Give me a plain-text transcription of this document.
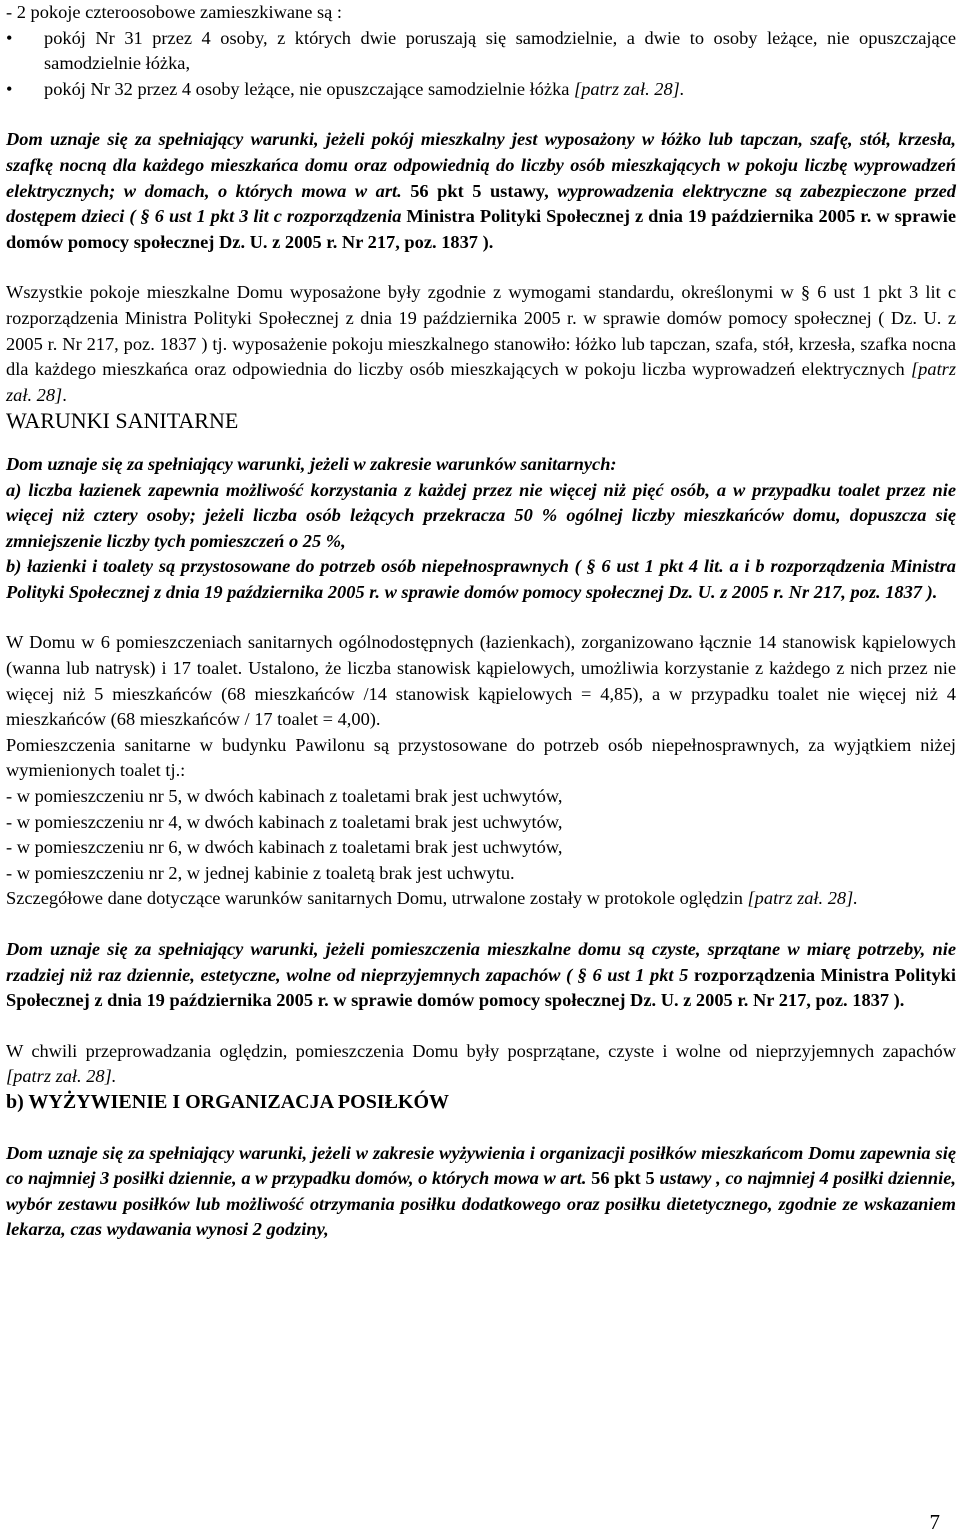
- 2 pokoje czteroosobowe zamieszkiwane są :

• pokój Nr 31 przez 4 osoby, z których dwie poruszają się samodzielnie, a dwie to osoby leżące, nie opuszczające samodzielnie łóżka,
• pokój Nr 32 przez 4 osoby leżące, nie opuszczające samodzielnie łóżka [patrz zał. 28].

Dom uznaje się za spełniający warunki, jeżeli pokój mieszkalny jest wyposażony w łóżko lub tapczan, szafę, stół, krzesła, szafkę nocną dla każdego mieszkańca domu oraz odpowiednią do liczby osób mieszkających w pokoju liczbę wyprowadzeń elektrycznych; w domach, o których mowa w art. 56 pkt 5 ustawy, wyprowadzenia elektryczne są zabezpieczone przed dostępem dzieci ( § 6 ust 1 pkt 3 lit c rozporządzenia Ministra Polityki Społecznej z dnia 19 października 2005 r. w sprawie domów pomocy społecznej Dz. U. z 2005 r. Nr 217, poz. 1837 ).

Wszystkie pokoje mieszkalne Domu wyposażone były zgodnie z wymogami standardu, określonymi w § 6 ust 1 pkt 3 lit c rozporządzenia Ministra Polityki Społecznej z dnia 19 października 2005 r. w sprawie domów pomocy społecznej ( Dz. U. z 2005 r. Nr 217, poz. 1837 ) tj. wyposażenie pokoju mieszkalnego stanowiło: łóżko lub tapczan, szafa, stół, krzesła, szafka nocna dla każdego mieszkańca oraz odpowiednia do liczby osób mieszkających w pokoju liczba wyprowadzeń elektrycznych [patrz zał. 28].

WARUNKI SANITARNE

Dom uznaje się za spełniający warunki, jeżeli w zakresie warunków sanitarnych:

a) liczba łazienek zapewnia możliwość korzystania z każdej przez nie więcej niż pięć osób, a w przypadku toalet przez nie więcej niż cztery osoby; jeżeli liczba osób leżących przekracza 50 % ogólnej liczby mieszkańców domu, dopuszcza się zmniejszenie liczby tych pomieszczeń o 25 %,

b) łazienki i toalety są przystosowane do potrzeb osób niepełnosprawnych ( § 6 ust 1 pkt 4 lit. a i b rozporządzenia Ministra Polityki Społecznej z dnia 19 października 2005 r. w sprawie domów pomocy społecznej Dz. U. z 2005 r. Nr 217, poz. 1837 ).

W Domu w 6 pomieszczeniach sanitarnych ogólnodostępnych (łazienkach), zorganizowano łącznie 14 stanowisk kąpielowych (wanna lub natrysk) i 17 toalet. Ustalono, że liczba stanowisk kąpielowych, umożliwia korzystanie z każdego z nich przez nie więcej niż 5 mieszkańców (68 mieszkańców /14 stanowisk kąpielowych = 4,85), a w przypadku toalet nie więcej niż 4 mieszkańców (68 mieszkańców / 17 toalet = 4,00).

Pomieszczenia sanitarne w budynku Pawilonu są przystosowane do potrzeb osób niepełnosprawnych, za wyjątkiem niżej wymienionych toalet tj.:

- w pomieszczeniu nr 5, w dwóch kabinach z toaletami brak jest uchwytów,

- w pomieszczeniu nr 4, w dwóch kabinach z toaletami brak jest uchwytów,

- w pomieszczeniu nr 6, w dwóch kabinach z toaletami brak jest uchwytów,

- w pomieszczeniu nr 2, w jednej kabinie z toaletą brak jest uchwytu.

Szczegółowe dane dotyczące warunków sanitarnych Domu, utrwalone zostały w protokole oględzin [patrz zał. 28].

Dom uznaje się za spełniający warunki, jeżeli pomieszczenia mieszkalne domu są czyste, sprzątane w miarę potrzeby, nie rzadziej niż raz dziennie, estetyczne, wolne od nieprzyjemnych zapachów ( § 6 ust 1 pkt 5 rozporządzenia Ministra Polityki Społecznej z dnia 19 października 2005 r. w sprawie domów pomocy społecznej Dz. U. z 2005 r. Nr 217, poz. 1837 ).

W chwili przeprowadzania oględzin, pomieszczenia Domu były posprzątane, czyste i wolne od nieprzyjemnych zapachów [patrz zał. 28].

b) WYŻYWIENIE I ORGANIZACJA POSIŁKÓW

Dom uznaje się za spełniający warunki, jeżeli w zakresie wyżywienia i organizacji posiłków mieszkańcom Domu zapewnia się co najmniej 3 posiłki dziennie, a w przypadku domów, o których mowa w art. 56 pkt 5 ustawy , co najmniej 4 posiłki dziennie, wybór zestawu posiłków lub możliwość otrzymania posiłku dodatkowego oraz posiłku dietetycznego, zgodnie ze wskazaniem lekarza, czas wydawania wynosi 2 godziny,

7
